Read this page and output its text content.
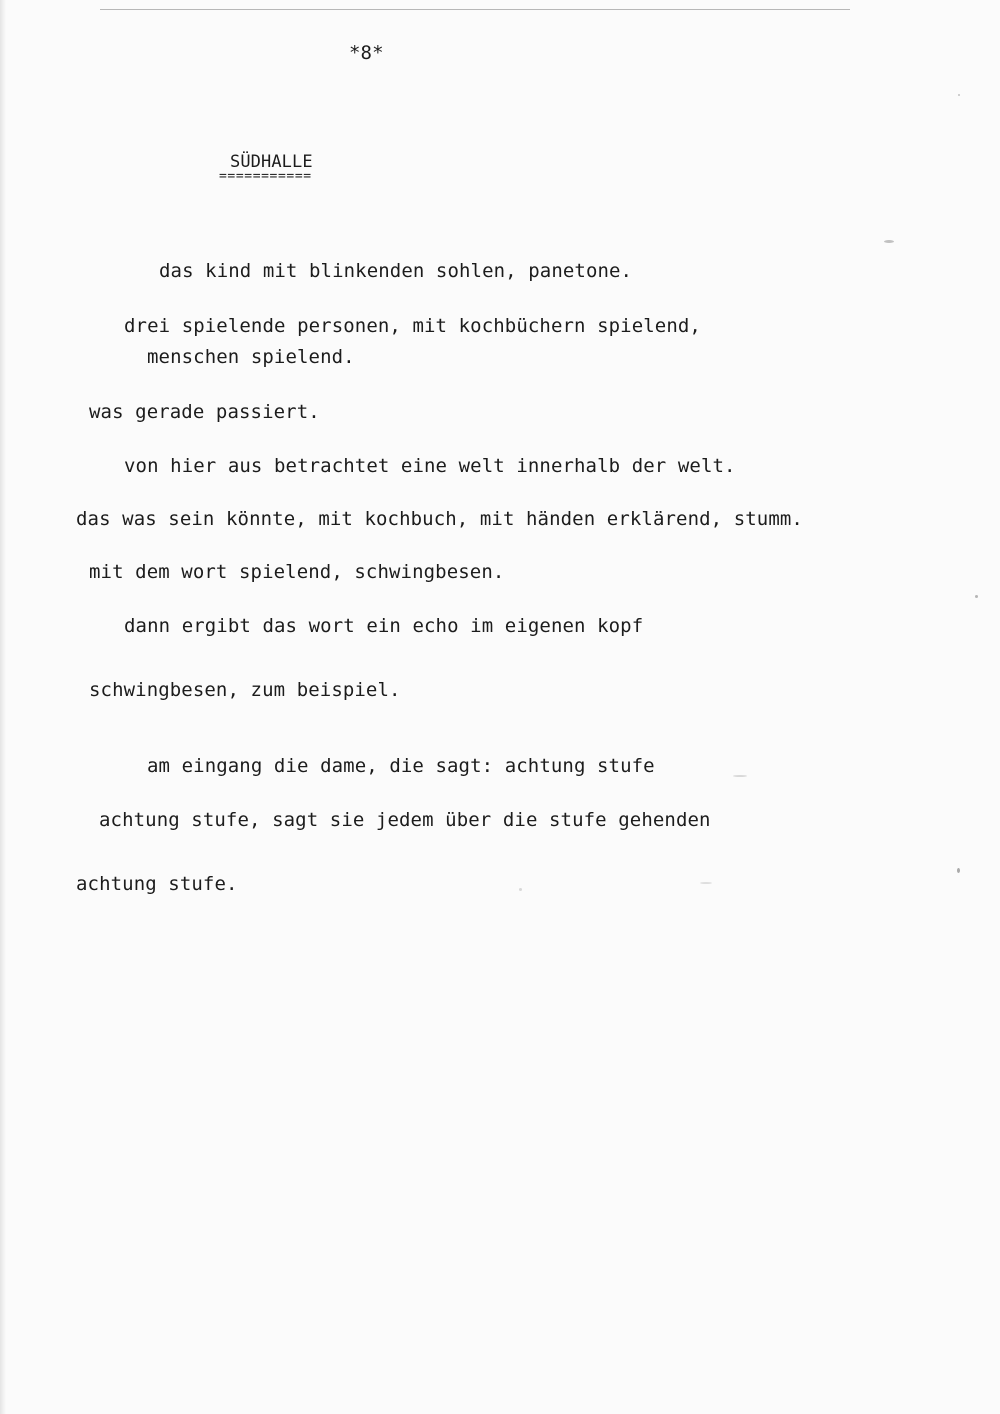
*8*
SÜDHALLE
===========
das kind mit blinkenden sohlen, panetone.
drei spielende personen, mit kochbüchern spielend,
menschen spielend.
was gerade passiert.
von hier aus betrachtet eine welt innerhalb der welt.
das was sein könnte, mit kochbuch, mit händen erklärend, stumm.
mit dem wort spielend, schwingbesen.
dann ergibt das wort ein echo im eigenen kopf
schwingbesen, zum beispiel.
am eingang die dame, die sagt: achtung stufe
achtung stufe, sagt sie jedem über die stufe gehenden
achtung stufe.
